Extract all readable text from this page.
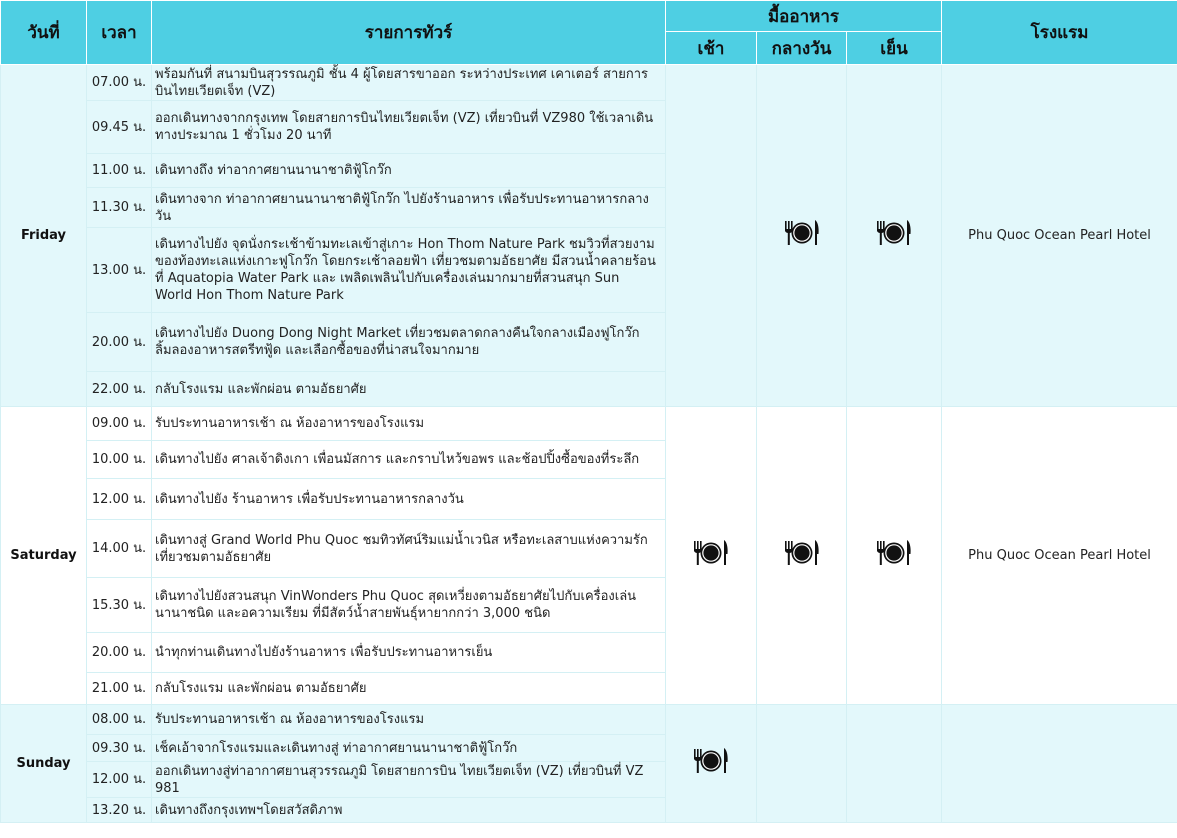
วันที่	เวลา	รายการทัวร์	มื้ออาหาร			โรงแรม
			เช้า	กลางวัน	เย็น	
Friday	07.00 น.	พร้อมกันที่ สนามบินสุวรรณภูมิ ชั้น 4 ผู้โดยสารขาออก ระหว่างประเทศ เคาเตอร์ สายการบินไทยเวียตเจ็ท (VZ)				Phu Quoc Ocean Pearl Hotel
	09.45 น.	ออกเดินทางจากกรุงเทพ โดยสายการบินไทยเวียตเจ็ท (VZ) เที่ยวบินที่ VZ980 ใช้เวลาเดินทางประมาณ 1 ชั่วโมง 20 นาที				
	11.00 น.	เดินทางถึง ท่าอากาศยานนานาชาติฟู้โกว๊ก				
	11.30 น.	เดินทางจาก ท่าอากาศยานนานาชาติฟู้โกว๊ก ไปยังร้านอาหาร เพื่อรับประทานอาหารกลางวัน				
	13.00 น.	เดินทางไปยัง จุดนั่งกระเช้าข้ามทะเลเข้าสู่เกาะ Hon Thom Nature Park ชมวิวที่สวยงามของท้องทะเลแห่งเกาะฟูโกว๊ก โดยกระเช้าลอยฟ้า เที่ยวชมตามอัธยาศัย มีสวนน้ำคลายร้อนที่ Aquatopia Water Park และ เพลิดเพลินไปกับเครื่องเล่นมากมายที่สวนสนุก Sun World Hon Thom Nature Park				
	20.00 น.	เดินทางไปยัง Duong Dong Night Market เที่ยวชมตลาดกลางคืนใจกลางเมืองฟูโกว๊ก ลิ้มลองอาหารสตรีทฟู้ด และเลือกซื้อของที่น่าสนใจมากมาย				
	22.00 น.	กลับโรงแรม และพักผ่อน ตามอัธยาศัย				
Saturday	09.00 น.	รับประทานอาหารเช้า ณ ห้องอาหารของโรงแรม				Phu Quoc Ocean Pearl Hotel
	10.00 น.	เดินทางไปยัง ศาลเจ้าดิงเกา เพื่อนมัสการ และกราบไหว้ขอพร และช้อปปิ้งซื้อของที่ระลึก				
	12.00 น.	เดินทางไปยัง ร้านอาหาร เพื่อรับประทานอาหารกลางวัน				
	14.00 น.	เดินทางสู่ Grand World Phu Quoc ชมทิวทัศน์ริมแม่น้ำเวนิส หรือทะเลสาบแห่งความรัก เที่ยวชมตามอัธยาศัย				
	15.30 น.	เดินทางไปยังสวนสนุก VinWonders Phu Quoc สุดเหวี่ยงตามอัธยาศัยไปกับเครื่องเล่นนานาชนิด และอความเรียม ที่มีสัตว์น้ำสายพันธุ์หายากกว่า 3,000 ชนิด				
	20.00 น.	นำทุกท่านเดินทางไปยังร้านอาหาร เพื่อรับประทานอาหารเย็น				
	21.00 น.	กลับโรงแรม และพักผ่อน ตามอัธยาศัย				
Sunday	08.00 น.	รับประทานอาหารเช้า ณ ห้องอาหารของโรงแรม				
	09.30 น.	เช็คเอ้าจากโรงแรมและเดินทางสู่ ท่าอากาศยานนานาชาติฟู้โกว๊ก				
	12.00 น.	ออกเดินทางสู่ท่าอากาศยานสุวรรณภูมิ โดยสายการบิน ไทยเวียตเจ็ท (VZ) เที่ยวบินที่ VZ 981				
	13.20 น.	เดินทางถึงกรุงเทพฯโดยสวัสดิภาพ				
